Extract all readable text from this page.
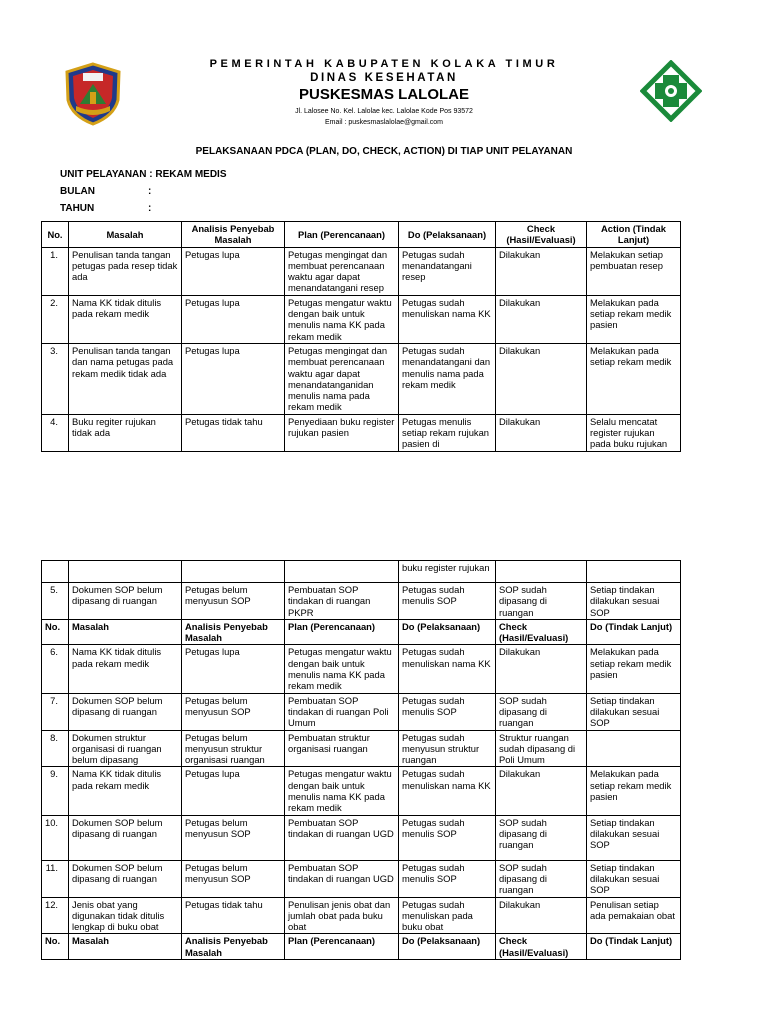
PEMERINTAH KABUPATEN KOLAKA TIMUR
DINAS KESEHATAN
PUSKESMAS LALOLAE
Jl. Lalosee No. Kel. Lalolae kec. Lalolae Kode Pos 93572
Email : puskesmaslalolae@gmail.com
PELAKSANAAN PDCA (PLAN, DO, CHECK, ACTION) DI TIAP UNIT PELAYANAN
UNIT PELAYANAN : REKAM MEDIS
BULAN	:
TAHUN	:
No.	Masalah	Analisis Penyebab Masalah	Plan (Perencanaan)	Do (Pelaksanaan)	Check (Hasil/Evaluasi)	Action (Tindak Lanjut)
1.	Penulisan tanda tangan petugas pada resep tidak ada	Petugas lupa	Petugas mengingat dan membuat perencanaan waktu agar dapat menandatangani resep	Petugas sudah menandatangani resep	Dilakukan	Melakukan setiap pembuatan resep
2.	Nama KK tidak ditulis pada rekam medik	Petugas lupa	Petugas mengatur waktu dengan baik untuk menulis nama KK pada rekam medik	Petugas sudah menuliskan nama KK	Dilakukan	Melakukan pada setiap rekam medik pasien
3.	Penulisan tanda tangan dan nama petugas pada rekam medik tidak ada	Petugas lupa	Petugas mengingat dan membuat perencanaan waktu agar dapat menandatanganidan menulis nama pada rekam medik	Petugas sudah menandatangani dan menulis nama pada rekam medik	Dilakukan	Melakukan pada setiap rekam medik
4.	Buku regiter rujukan tidak ada	Petugas tidak tahu	Penyediaan buku register rujukan pasien	Petugas menulis setiap rekam rujukan pasien di	Dilakukan	Selalu mencatat register rujukan pada buku rujukan
				buku register rujukan		
5.	Dokumen SOP belum dipasang di ruangan	Petugas belum menyusun SOP	Pembuatan SOP tindakan di ruangan PKPR	Petugas sudah menulis SOP	SOP sudah dipasang di ruangan	Setiap tindakan dilakukan sesuai SOP
No.	Masalah	Analisis Penyebab Masalah	Plan (Perencanaan)	Do (Pelaksanaan)	Check (Hasil/Evaluasi)	Do (Tindak Lanjut)
6.	Nama KK tidak ditulis pada rekam medik	Petugas lupa	Petugas mengatur waktu dengan baik untuk menulis nama KK pada rekam medik	Petugas sudah menuliskan nama KK	Dilakukan	Melakukan pada setiap rekam medik pasien
7.	Dokumen SOP belum dipasang di ruangan	Petugas belum menyusun SOP	Pembuatan SOP tindakan di ruangan Poli Umum	Petugas sudah menulis SOP	SOP sudah dipasang di ruangan	Setiap tindakan dilakukan sesuai SOP
8.	Dokumen struktur organisasi di ruangan belum dipasang	Petugas belum menyusun struktur organisasi ruangan	Pembuatan struktur organisasi ruangan	Petugas sudah menyusun struktur ruangan	Struktur ruangan sudah dipasang di Poli Umum	
9.	Nama KK tidak ditulis pada rekam medik	Petugas lupa	Petugas mengatur waktu dengan baik untuk menulis nama KK pada rekam medik	Petugas sudah menuliskan nama KK	Dilakukan	Melakukan pada setiap rekam medik pasien
10.	Dokumen SOP belum dipasang di ruangan	Petugas belum menyusun SOP	Pembuatan SOP tindakan di ruangan UGD	Petugas sudah menulis SOP	SOP sudah dipasang di ruangan	Setiap tindakan dilakukan sesuai SOP
11.	Dokumen SOP belum dipasang di ruangan	Petugas belum menyusun SOP	Pembuatan SOP tindakan di ruangan UGD	Petugas sudah menulis SOP	SOP sudah dipasang di ruangan	Setiap tindakan dilakukan sesuai SOP
12.	Jenis obat yang digunakan tidak ditulis lengkap di buku obat	Petugas tidak tahu	Penulisan jenis obat dan jumlah obat pada buku obat	Petugas sudah menuliskan pada buku obat	Dilakukan	Penulisan setiap ada pemakaian obat
No.	Masalah	Analisis Penyebab Masalah	Plan (Perencanaan)	Do (Pelaksanaan)	Check (Hasil/Evaluasi)	Do (Tindak Lanjut)
